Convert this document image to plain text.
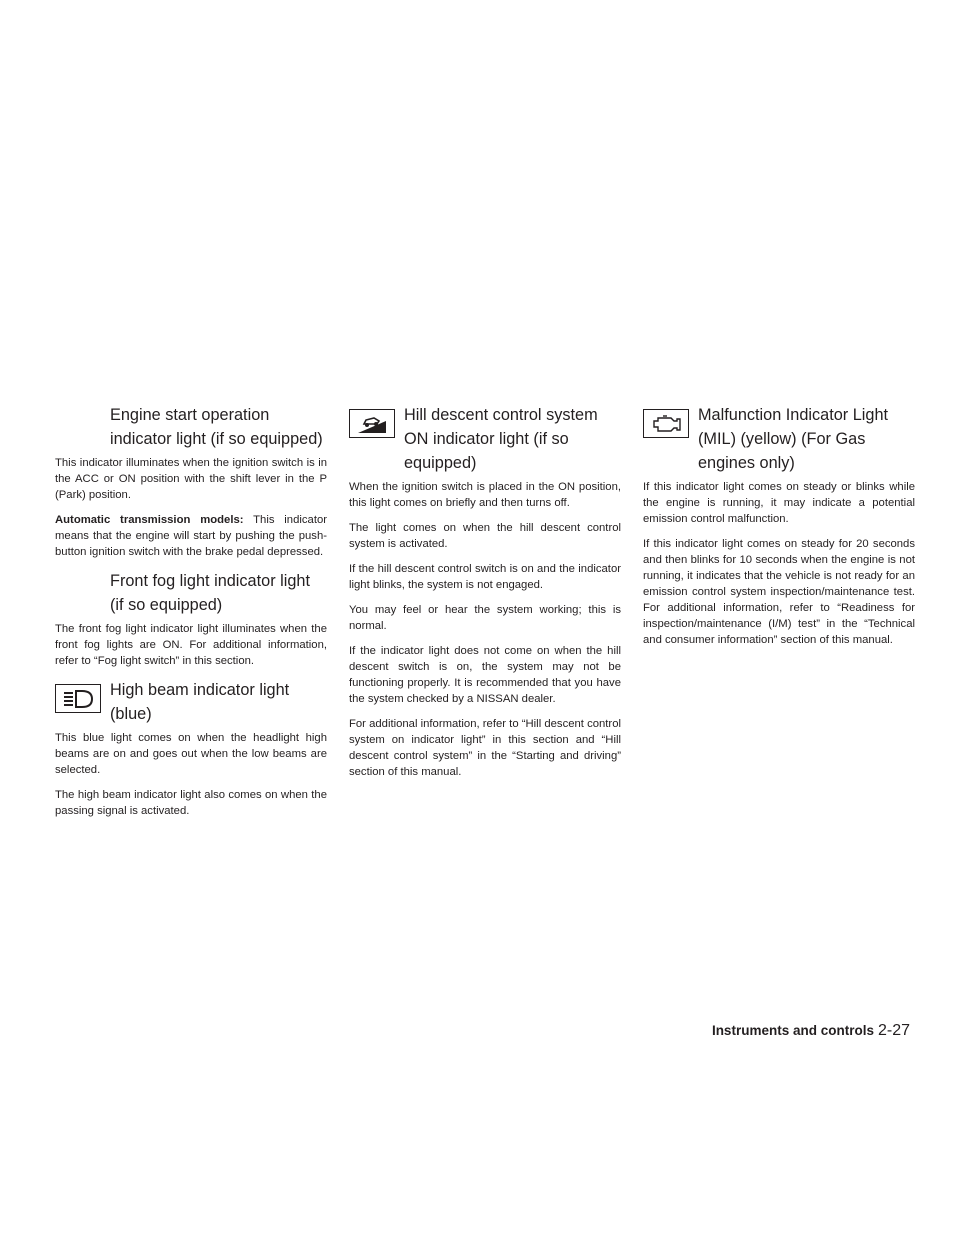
Engine start operation indicator light (if so equipped)

This indicator illuminates when the ignition switch is in the ACC or ON position with the shift lever in the P (Park) position.

Automatic transmission models: This indicator means that the engine will start by pushing the push-button ignition switch with the brake pedal depressed.

Front fog light indicator light (if so equipped)

The front fog light indicator light illuminates when the front fog lights are ON. For additional information, refer to “Fog light switch” in this section.

High beam indicator light (blue)

This blue light comes on when the headlight high beams are on and goes out when the low beams are selected.

The high beam indicator light also comes on when the passing signal is activated.

Hill descent control system ON indicator light (if so equipped)

When the ignition switch is placed in the ON position, this light comes on briefly and then turns off.

The light comes on when the hill descent control system is activated.

If the hill descent control switch is on and the indicator light blinks, the system is not engaged.

You may feel or hear the system working; this is normal.

If the indicator light does not come on when the hill descent switch is on, the system may not be functioning properly. It is recommended that you have the system checked by a NISSAN dealer.

For additional information, refer to “Hill descent control system on indicator light” in this section and “Hill descent control system” in the “Starting and driving” section of this manual.

Malfunction Indicator Light (MIL) (yellow) (For Gas engines only)

If this indicator light comes on steady or blinks while the engine is running, it may indicate a potential emission control malfunction.

If this indicator light comes on steady for 20 seconds and then blinks for 10 seconds when the engine is not running, it indicates that the vehicle is not ready for an emission control system inspection/maintenance test. For additional information, refer to “Readiness for inspection/maintenance (I/M) test” in the “Technical and consumer information” section of this manual.

Instruments and controls 2-27
